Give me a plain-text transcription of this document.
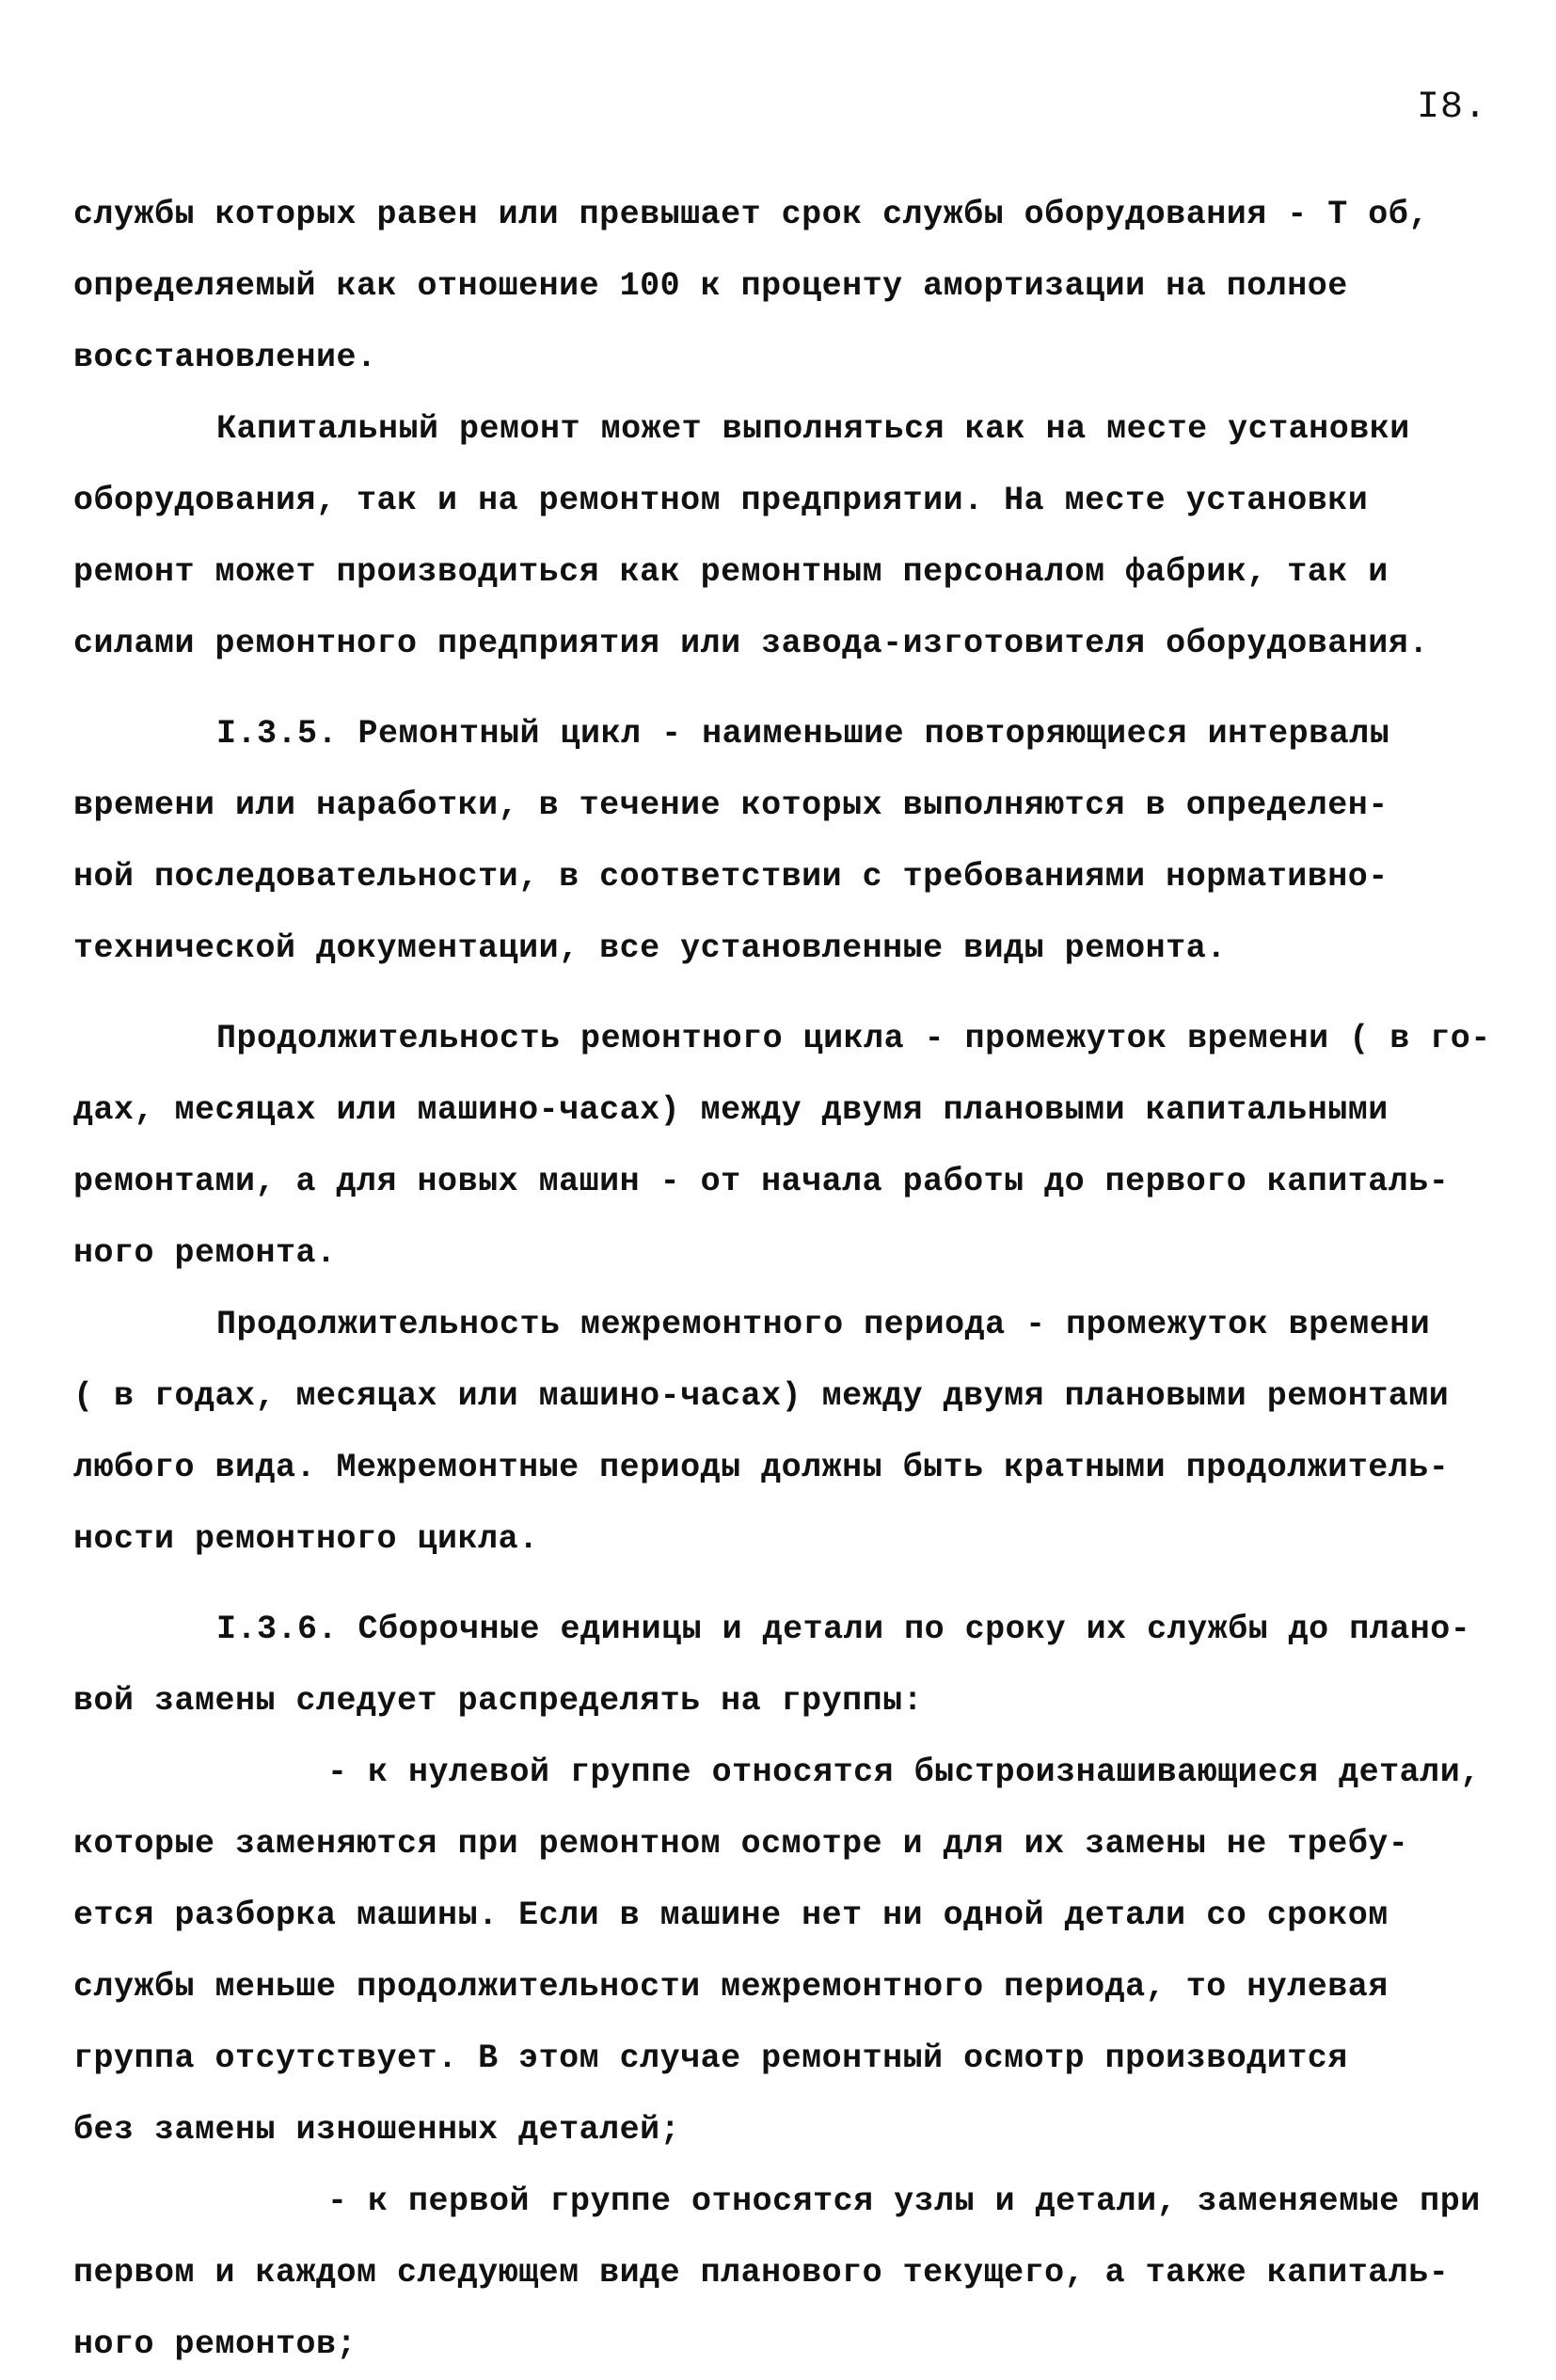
I8.
службы которых равен или превышает срок службы оборудования - Т об,
определяемый как отношение 100 к проценту амортизации на полное
восстановление.
Капитальный ремонт может выполняться как на месте установки
оборудования, так и на ремонтном предприятии. На месте установки
ремонт может производиться как ремонтным персоналом фабрик, так и
силами ремонтного предприятия или завода-изготовителя оборудования.
I.3.5. Ремонтный цикл - наименьшие повторяющиеся интервалы
времени или наработки, в течение которых выполняются в определен-
ной последовательности, в соответствии с требованиями нормативно-
технической документации, все установленные виды ремонта.
Продолжительность ремонтного цикла - промежуток времени ( в го-
дах, месяцах или машино-часах) между двумя плановыми капитальными
ремонтами, а для новых машин - от начала работы до первого капиталь-
ного ремонта.
Продолжительность межремонтного периода - промежуток времени
( в годах, месяцах или машино-часах) между двумя плановыми ремонтами
любого вида. Межремонтные периоды должны быть кратными продолжитель-
ности ремонтного цикла.
I.3.6. Сборочные единицы и детали по сроку их службы до плано-
вой замены следует распределять на группы:
- к нулевой группе относятся быстроизнашивающиеся детали,
которые заменяются при ремонтном осмотре и для их замены не требу-
ется разборка машины. Если в машине нет ни одной детали со сроком
службы меньше продолжительности межремонтного периода, то нулевая
группа отсутствует. В этом случае ремонтный осмотр производится
без замены изношенных деталей;
- к первой группе относятся узлы и детали, заменяемые при
первом и каждом следующем виде планового текущего, а также капиталь-
ного ремонтов;
